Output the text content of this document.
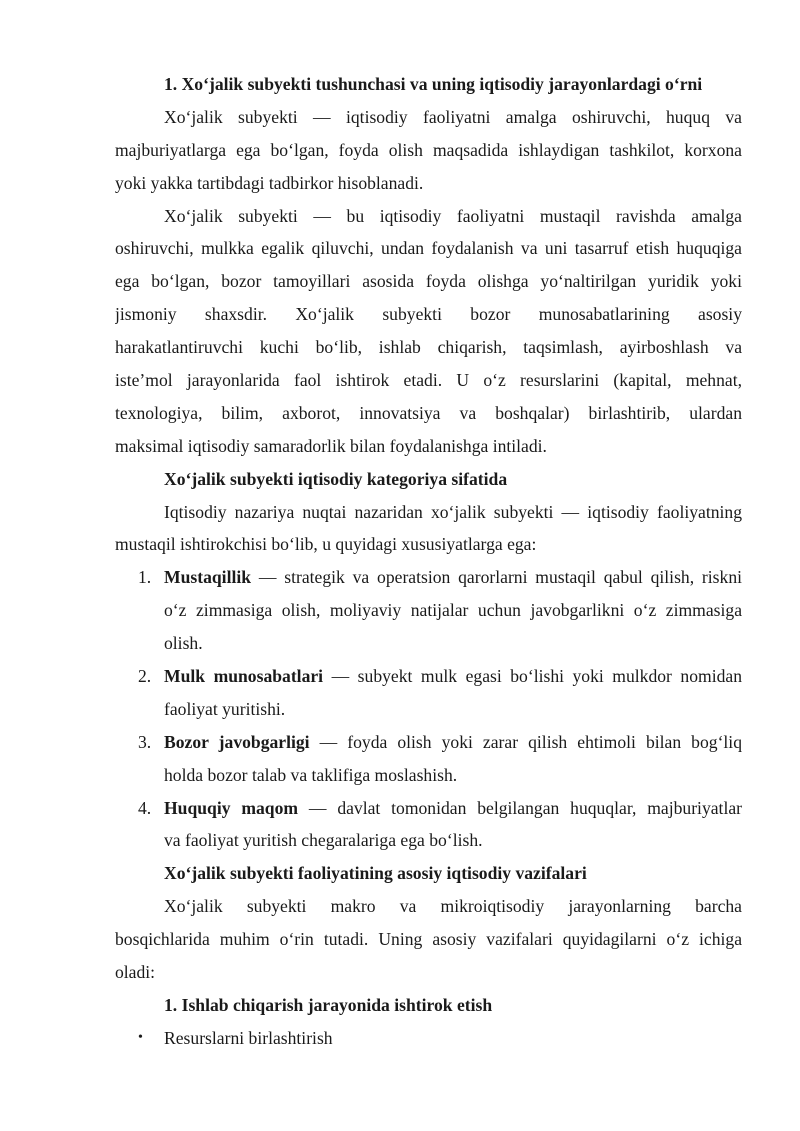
1. Xo‘jalik subyekti tushunchasi va uning iqtisodiy jarayonlardagi o‘rni
Xo‘jalik subyekti — iqtisodiy faoliyatni amalga oshiruvchi, huquq va
majburiyatlarga ega bo‘lgan, foyda olish maqsadida ishlaydigan tashkilot, korxona
yoki yakka tartibdagi tadbirkor hisoblanadi.
Xo‘jalik subyekti — bu iqtisodiy faoliyatni mustaqil ravishda amalga
oshiruvchi, mulkka egalik qiluvchi, undan foydalanish va uni tasarruf etish huquqiga
ega bo‘lgan, bozor tamoyillari asosida foyda olishga yo‘naltirilgan yuridik yoki
jismoniy shaxsdir. Xo‘jalik subyekti bozor munosabatlarining asosiy
harakatlantiruvchi kuchi bo‘lib, ishlab chiqarish, taqsimlash, ayirboshlash va
iste’mol jarayonlarida faol ishtirok etadi. U o‘z resurslarini (kapital, mehnat,
texnologiya, bilim, axborot, innovatsiya va boshqalar) birlashtirib, ulardan
maksimal iqtisodiy samaradorlik bilan foydalanishga intiladi.
Xo‘jalik subyekti iqtisodiy kategoriya sifatida
Iqtisodiy nazariya nuqtai nazaridan xo‘jalik subyekti — iqtisodiy faoliyatning
mustaqil ishtirokchisi bo‘lib, u quyidagi xususiyatlarga ega:
1. Mustaqillik — strategik va operatsion qarorlarni mustaqil qabul qilish, riskni
o‘z zimmasiga olish, moliyaviy natijalar uchun javobgarlikni o‘z zimmasiga
olish.
2. Mulk munosabatlari — subyekt mulk egasi bo‘lishi yoki mulkdor nomidan
faoliyat yuritishi.
3. Bozor javobgarligi — foyda olish yoki zarar qilish ehtimoli bilan bog‘liq
holda bozor talab va taklifiga moslashish.
4. Huquqiy maqom — davlat tomonidan belgilangan huquqlar, majburiyatlar
va faoliyat yuritish chegaralariga ega bo‘lish.
Xo‘jalik subyekti faoliyatining asosiy iqtisodiy vazifalari
Xo‘jalik subyekti makro va mikroiqtisodiy jarayonlarning barcha
bosqichlarida muhim o‘rin tutadi. Uning asosiy vazifalari quyidagilarni o‘z ichiga
oladi:
1. Ishlab chiqarish jarayonida ishtirok etish
• Resurslarni birlashtirish
